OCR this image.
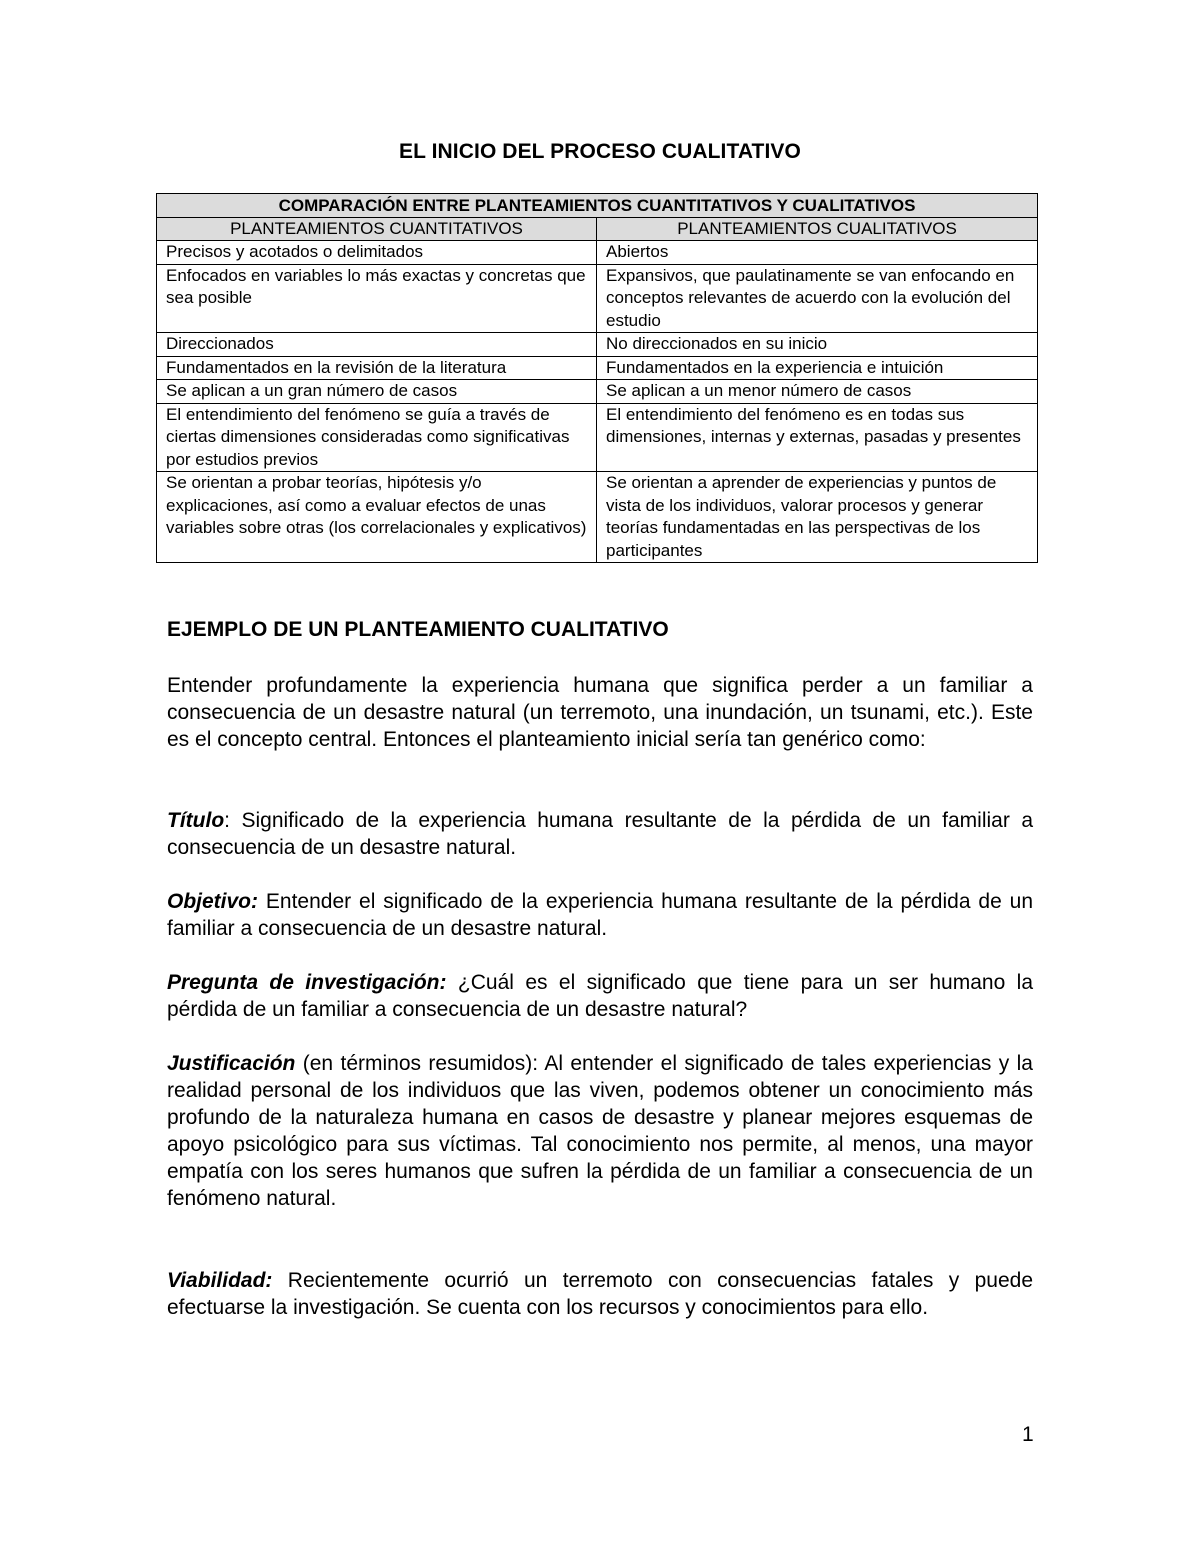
EL INICIO DEL PROCESO CUALITATIVO
COMPARACIÓN ENTRE PLANTEAMIENTOS CUANTITATIVOS Y CUALITATIVOS	
PLANTEAMIENTOS CUANTITATIVOS	PLANTEAMIENTOS CUALITATIVOS
Precisos y acotados o delimitados	Abiertos
Enfocados en variables lo más exactas y concretas que sea posible	Expansivos, que paulatinamente se van enfocando en conceptos relevantes de acuerdo con la evolución del estudio
Direccionados	No direccionados en su inicio
Fundamentados en la revisión de la literatura	Fundamentados en la experiencia e intuición
Se aplican a un gran número de casos	Se aplican a un menor número de casos
El entendimiento del fenómeno se guía a través de ciertas dimensiones consideradas como significativas por estudios previos	El entendimiento del fenómeno es en todas sus dimensiones, internas y externas, pasadas y presentes
Se orientan a probar teorías, hipótesis y/o explicaciones, así como a evaluar efectos de unas variables sobre otras (los correlacionales y explicativos)	Se orientan a aprender de experiencias y puntos de vista de los individuos, valorar procesos y generar teorías fundamentadas en las perspectivas de los participantes
EJEMPLO DE UN PLANTEAMIENTO CUALITATIVO

Entender profundamente la experiencia humana que significa perder a un familiar a consecuencia de un desastre natural (un terremoto, una inundación, un tsunami, etc.). Este es el concepto central. Entonces el planteamiento inicial sería tan genérico como:

Título: Significado de la experiencia humana resultante de la pérdida de un familiar a consecuencia de un desastre natural.

Objetivo: Entender el significado de la experiencia humana resultante de la pérdida de un familiar a consecuencia de un desastre natural.

Pregunta de investigación: ¿Cuál es el significado que tiene para un ser humano la pérdida de un familiar a consecuencia de un desastre natural?

Justificación (en términos resumidos): Al entender el significado de tales experiencias y la realidad personal de los individuos que las viven, podemos obtener un conocimiento más profundo de la naturaleza humana en casos de desastre y planear mejores esquemas de apoyo psicológico para sus víctimas. Tal conocimiento nos permite, al menos, una mayor empatía con los seres humanos que sufren la pérdida de un familiar a consecuencia de un fenómeno natural.

Viabilidad: Recientemente ocurrió un terremoto con consecuencias fatales y puede efectuarse la investigación. Se cuenta con los recursos y conocimientos para ello.

1
